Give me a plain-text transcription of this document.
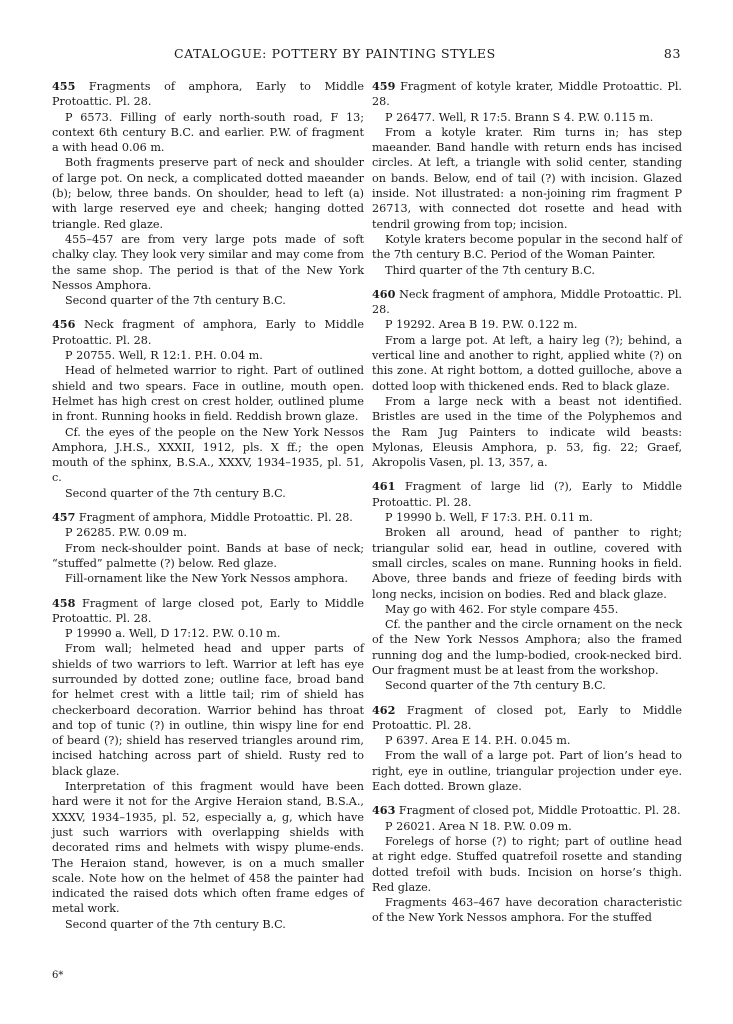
CATALOGUE: POTTERY BY PAINTING STYLES	83

455 Fragments of amphora, Early to Middle Protoattic. Pl. 28.

P 6573. Filling of early north-south road, F 13; context 6th century B.C. and earlier. P.W. of fragment a with head 0.06 m.

Both fragments preserve part of neck and shoulder of large pot. On neck, a complicated dotted maeander (b); below, three bands. On shoulder, head to left (a) with large reserved eye and cheek; hanging dotted triangle. Red glaze.

455–457 are from very large pots made of soft chalky clay. They look very similar and may come from the same shop. The period is that of the New York Nessos Amphora.

Second quarter of the 7th century B.C.

456 Neck fragment of amphora, Early to Middle Protoattic. Pl. 28.

P 20755. Well, R 12:1. P.H. 0.04 m.

Head of helmeted warrior to right. Part of outlined shield and two spears. Face in outline, mouth open. Helmet has high crest on crest holder, outlined plume in front. Running hooks in field. Reddish brown glaze.

Cf. the eyes of the people on the New York Nessos Amphora, J.H.S., XXXII, 1912, pls. X ff.; the open mouth of the sphinx, B.S.A., XXXV, 1934–1935, pl. 51, c.

Second quarter of the 7th century B.C.

457 Fragment of amphora, Middle Protoattic. Pl. 28.

P 26285. P.W. 0.09 m.

From neck-shoulder point. Bands at base of neck; “stuffed” palmette (?) below. Red glaze.

Fill-ornament like the New York Nessos amphora.

458 Fragment of large closed pot, Early to Middle Protoattic. Pl. 28.

P 19990 a. Well, D 17:12. P.W. 0.10 m.

From wall; helmeted head and upper parts of shields of two warriors to left. Warrior at left has eye surrounded by dotted zone; outline face, broad band for helmet crest with a little tail; rim of shield has checkerboard decoration. Warrior behind has throat and top of tunic (?) in outline, thin wispy line for end of beard (?); shield has reserved triangles around rim, incised hatching across part of shield. Rusty red to black glaze.

Interpretation of this fragment would have been hard were it not for the Argive Heraion stand, B.S.A., XXXV, 1934–1935, pl. 52, especially a, g, which have just such warriors with overlapping shields with decorated rims and helmets with wispy plume-ends. The Heraion stand, however, is on a much smaller scale. Note how on the helmet of 458 the painter had indicated the raised dots which often frame edges of metal work.

Second quarter of the 7th century B.C.

459 Fragment of kotyle krater, Middle Protoattic. Pl. 28.

P 26477. Well, R 17:5. Brann S 4. P.W. 0.115 m.

From a kotyle krater. Rim turns in; has step maeander. Band handle with return ends has incised circles. At left, a triangle with solid center, standing on bands. Below, end of tail (?) with incision. Glazed inside. Not illustrated: a non-joining rim fragment P 26713, with connected dot rosette and head with tendril growing from top; incision.

Kotyle kraters become popular in the second half of the 7th century B.C. Period of the Woman Painter.

Third quarter of the 7th century B.C.

460 Neck fragment of amphora, Middle Protoattic. Pl. 28.

P 19292. Area B 19. P.W. 0.122 m.

From a large pot. At left, a hairy leg (?); behind, a vertical line and another to right, applied white (?) on this zone. At right bottom, a dotted guilloche, above a dotted loop with thickened ends. Red to black glaze.

From a large neck with a beast not identified. Bristles are used in the time of the Polyphemos and the Ram Jug Painters to indicate wild beasts: Mylonas, Eleusis Amphora, p. 53, fig. 22; Graef, Akropolis Vasen, pl. 13, 357, a.

461 Fragment of large lid (?), Early to Middle Protoattic. Pl. 28.

P 19990 b. Well, F 17:3. P.H. 0.11 m.

Broken all around, head of panther to right; triangular solid ear, head in outline, covered with small circles, scales on mane. Running hooks in field. Above, three bands and frieze of feeding birds with long necks, incision on bodies. Red and black glaze.

May go with 462. For style compare 455.

Cf. the panther and the circle ornament on the neck of the New York Nessos Amphora; also the framed running dog and the lump-bodied, crook-necked bird. Our fragment must be at least from the workshop.

Second quarter of the 7th century B.C.

462 Fragment of closed pot, Early to Middle Protoattic. Pl. 28.

P 6397. Area E 14. P.H. 0.045 m.

From the wall of a large pot. Part of lion’s head to right, eye in outline, triangular projection under eye. Each dotted. Brown glaze.

463 Fragment of closed pot, Middle Protoattic. Pl. 28.

P 26021. Area N 18. P.W. 0.09 m.

Forelegs of horse (?) to right; part of outline head at right edge. Stuffed quatrefoil rosette and standing dotted trefoil with buds. Incision on horse’s thigh. Red glaze.

Fragments 463–467 have decoration characteristic of the New York Nessos amphora. For the stuffed

6*
